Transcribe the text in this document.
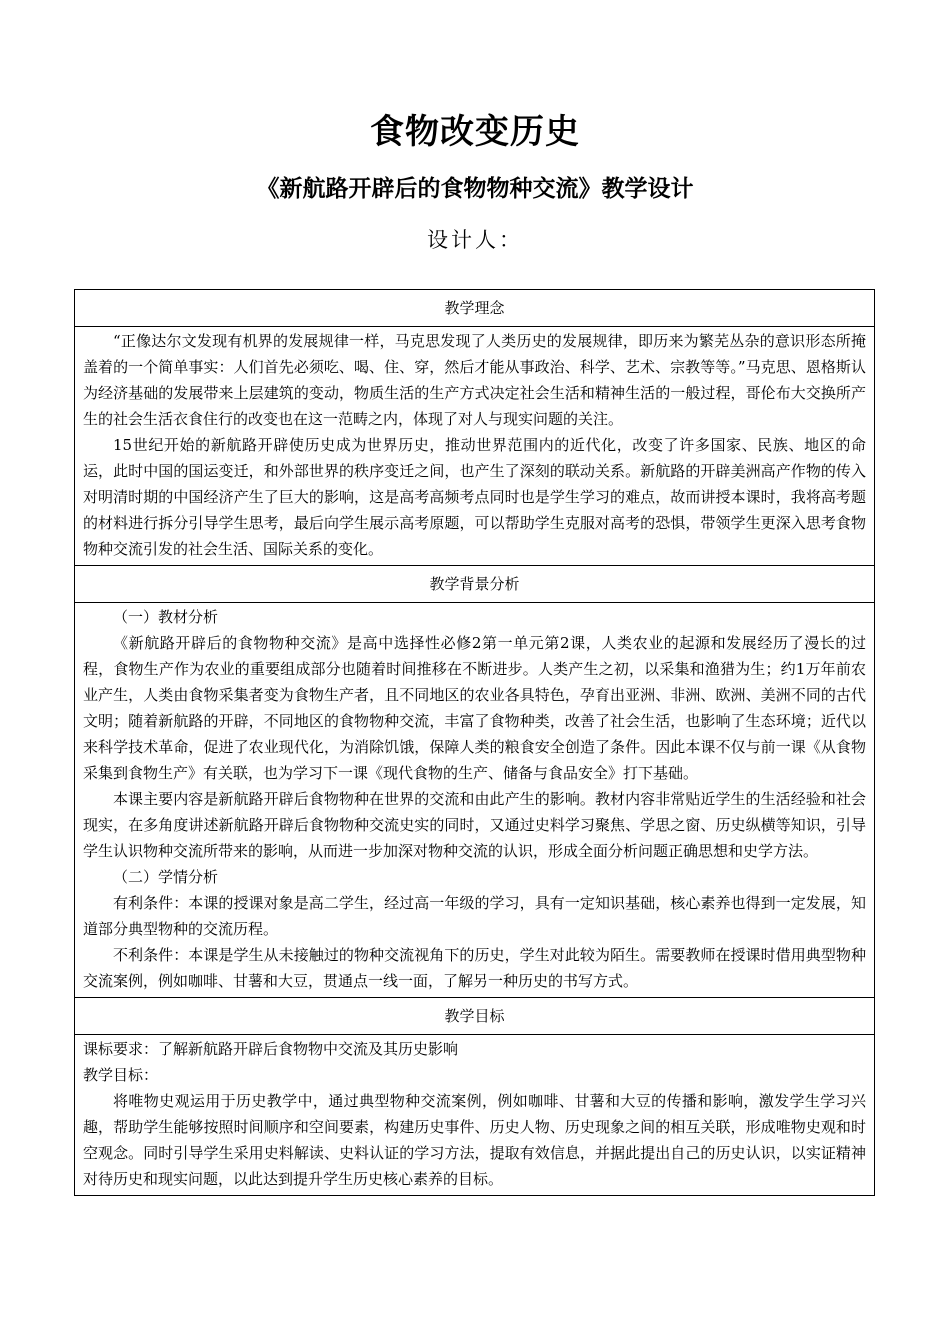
食物改变历史
《新航路开辟后的食物物种交流》教学设计
设计人：
教学理念

“正像达尔文发现有机界的发展规律一样，马克思发现了人类历史的发展规律，即历来为繁芜丛杂的意识形态所掩盖着的一个简单事实：人们首先必须吃、喝、住、穿，然后才能从事政治、科学、艺术、宗教等等。”马克思、恩格斯认为经济基础的发展带来上层建筑的变动，物质生活的生产方式决定社会生活和精神生活的一般过程，哥伦布大交换所产生的社会生活衣食住行的改变也在这一范畴之内，体现了对人与现实问题的关注。

15世纪开始的新航路开辟使历史成为世界历史，推动世界范围内的近代化，改变了许多国家、民族、地区的命运，此时中国的国运变迁，和外部世界的秩序变迁之间，也产生了深刻的联动关系。新航路的开辟美洲高产作物的传入对明清时期的中国经济产生了巨大的影响，这是高考高频考点同时也是学生学习的难点，故而讲授本课时，我将高考题的材料进行拆分引导学生思考，最后向学生展示高考原题，可以帮助学生克服对高考的恐惧，带领学生更深入思考食物物种交流引发的社会生活、国际关系的变化。

教学背景分析

（一）教材分析

《新航路开辟后的食物物种交流》是高中选择性必修2第一单元第2课，人类农业的起源和发展经历了漫长的过程，食物生产作为农业的重要组成部分也随着时间推移在不断进步。人类产生之初，以采集和渔猎为生；约1万年前农业产生，人类由食物采集者变为食物生产者，且不同地区的农业各具特色，孕育出亚洲、非洲、欧洲、美洲不同的古代文明；随着新航路的开辟，不同地区的食物物种交流，丰富了食物种类，改善了社会生活，也影响了生态环境；近代以来科学技术革命，促进了农业现代化，为消除饥饿，保障人类的粮食安全创造了条件。因此本课不仅与前一课《从食物采集到食物生产》有关联，也为学习下一课《现代食物的生产、储备与食品安全》打下基础。

本课主要内容是新航路开辟后食物物种在世界的交流和由此产生的影响。教材内容非常贴近学生的生活经验和社会现实，在多角度讲述新航路开辟后食物物种交流史实的同时，又通过史料学习聚焦、学思之窗、历史纵横等知识，引导学生认识物种交流所带来的影响，从而进一步加深对物种交流的认识，形成全面分析问题正确思想和史学方法。

（二）学情分析

有利条件：本课的授课对象是高二学生，经过高一年级的学习，具有一定知识基础，核心素养也得到一定发展，知道部分典型物种的交流历程。

不利条件：本课是学生从未接触过的物种交流视角下的历史，学生对此较为陌生。需要教师在授课时借用典型物种交流案例，例如咖啡、甘薯和大豆，贯通点一线一面，了解另一种历史的书写方式。

教学目标

课标要求：了解新航路开辟后食物物中交流及其历史影响

教学目标：

将唯物史观运用于历史教学中，通过典型物种交流案例，例如咖啡、甘薯和大豆的传播和影响，激发学生学习兴趣，帮助学生能够按照时间顺序和空间要素，构建历史事件、历史人物、历史现象之间的相互关联，形成唯物史观和时空观念。同时引导学生采用史料解读、史料认证的学习方法，提取有效信息，并据此提出自己的历史认识，以实证精神对待历史和现实问题，以此达到提升学生历史核心素养的目标。
